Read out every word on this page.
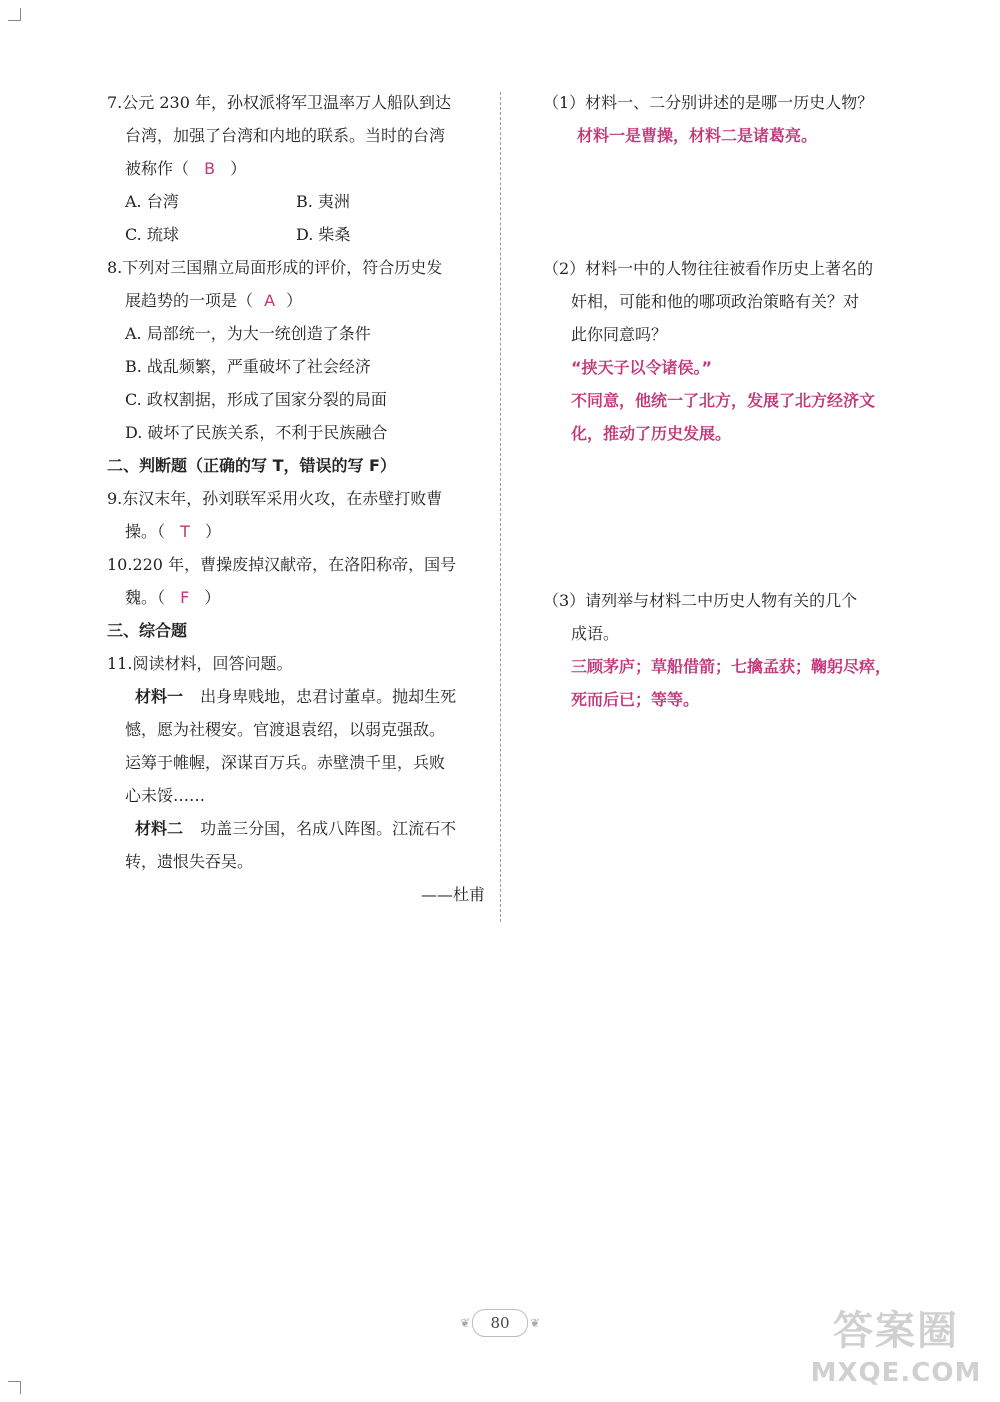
7.公元 230 年，孙权派将军卫温率万人船队到达
台湾，加强了台湾和内地的联系。当时的台湾
被称作（ B ）
A. 台湾	B. 夷洲
C. 琉球	D. 柴桑
8.下列对三国鼎立局面形成的评价，符合历史发
展趋势的一项是（ A ）
A. 局部统一，为大一统创造了条件
B. 战乱频繁，严重破坏了社会经济
C. 政权割据，形成了国家分裂的局面
D. 破坏了民族关系，不利于民族融合
二、判断题（正确的写 T，错误的写 F）
9.东汉末年，孙刘联军采用火攻，在赤壁打败曹
操。（ T ）
10.220 年，曹操废掉汉献帝，在洛阳称帝，国号
魏。（ F ）
三、综合题
11.阅读材料，回答问题。
材料一 出身卑贱地，忠君讨董卓。抛却生死
憾，愿为社稷安。官渡退袁绍，以弱克强敌。
运筹于帷幄，深谋百万兵。赤壁溃千里，兵败
心未馁……
材料二 功盖三分国，名成八阵图。江流石不
转，遗恨失吞吴。
——杜甫
（1）材料一、二分别讲述的是哪一历史人物？
材料一是曹操，材料二是诸葛亮。
（2）材料一中的人物往往被看作历史上著名的
奸相，可能和他的哪项政治策略有关？对
此你同意吗？
“挟天子以令诸侯。”
不同意，他统一了北方，发展了北方经济文
化，推动了历史发展。
（3）请列举与材料二中历史人物有关的几个
成语。
三顾茅庐；草船借箭；七擒孟获；鞠躬尽瘁，
死而后已；等等。
❦	80	❦	答案圈
MXQE.COM
